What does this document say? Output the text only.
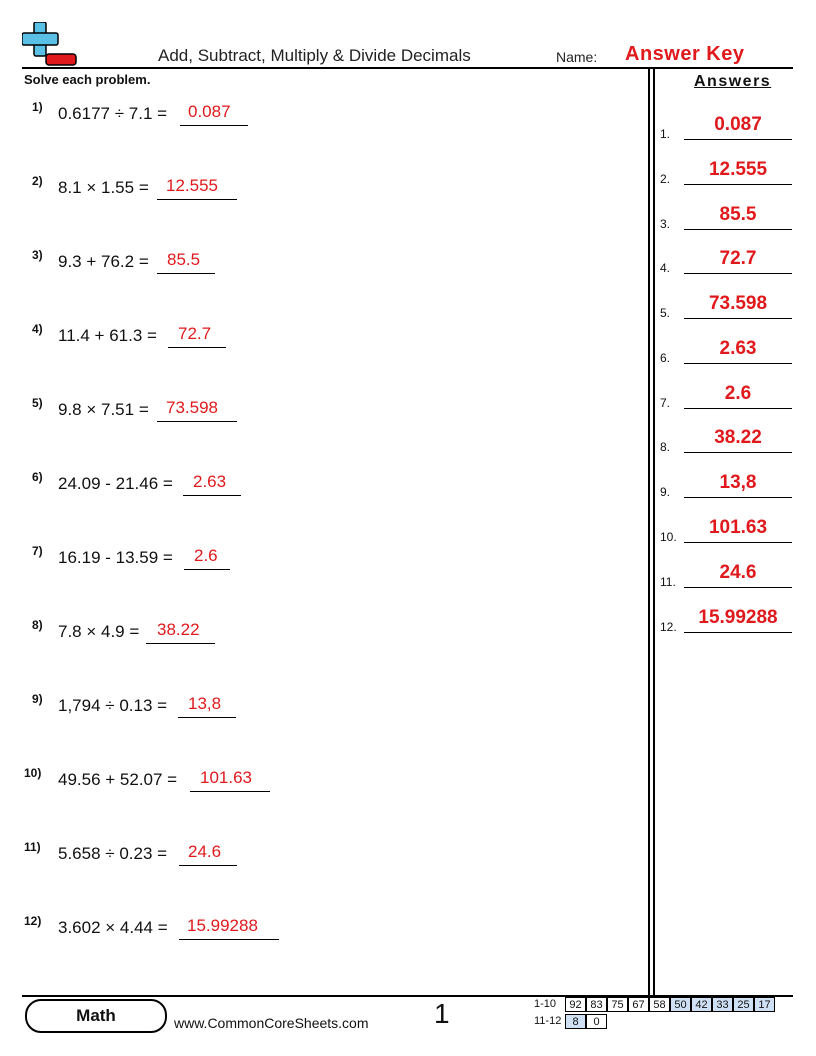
Add, Subtract, Multiply & Divide Decimals	Name: Answer Key
Solve each problem.
1) 0.6177 ÷ 7.1 = 0.087
2) 8.1 × 1.55 = 12.555
3) 9.3 + 76.2 = 85.5
4) 11.4 + 61.3 = 72.7
5) 9.8 × 7.51 = 73.598
6) 24.09 - 21.46 = 2.63
7) 16.19 - 13.59 = 2.6
8) 7.8 × 4.9 = 38.22
9) 1,794 ÷ 0.13 = 13,8
10) 49.56 + 52.07 = 101.63
11) 5.658 ÷ 0.23 = 24.6
12) 3.602 × 4.44 = 15.99288
Answers
1.	0.087
2.	12.555
3.	85.5
4.	72.7
5.	73.598
6.	2.63
7.	2.6
8.	38.22
9.	13,8
10.	101.63
11.	24.6
12.	15.99288
Math	www.CommonCoreSheets.com 1	1-10	92 83 75 67 58 50 42 33 25 17
11-12	8	0
